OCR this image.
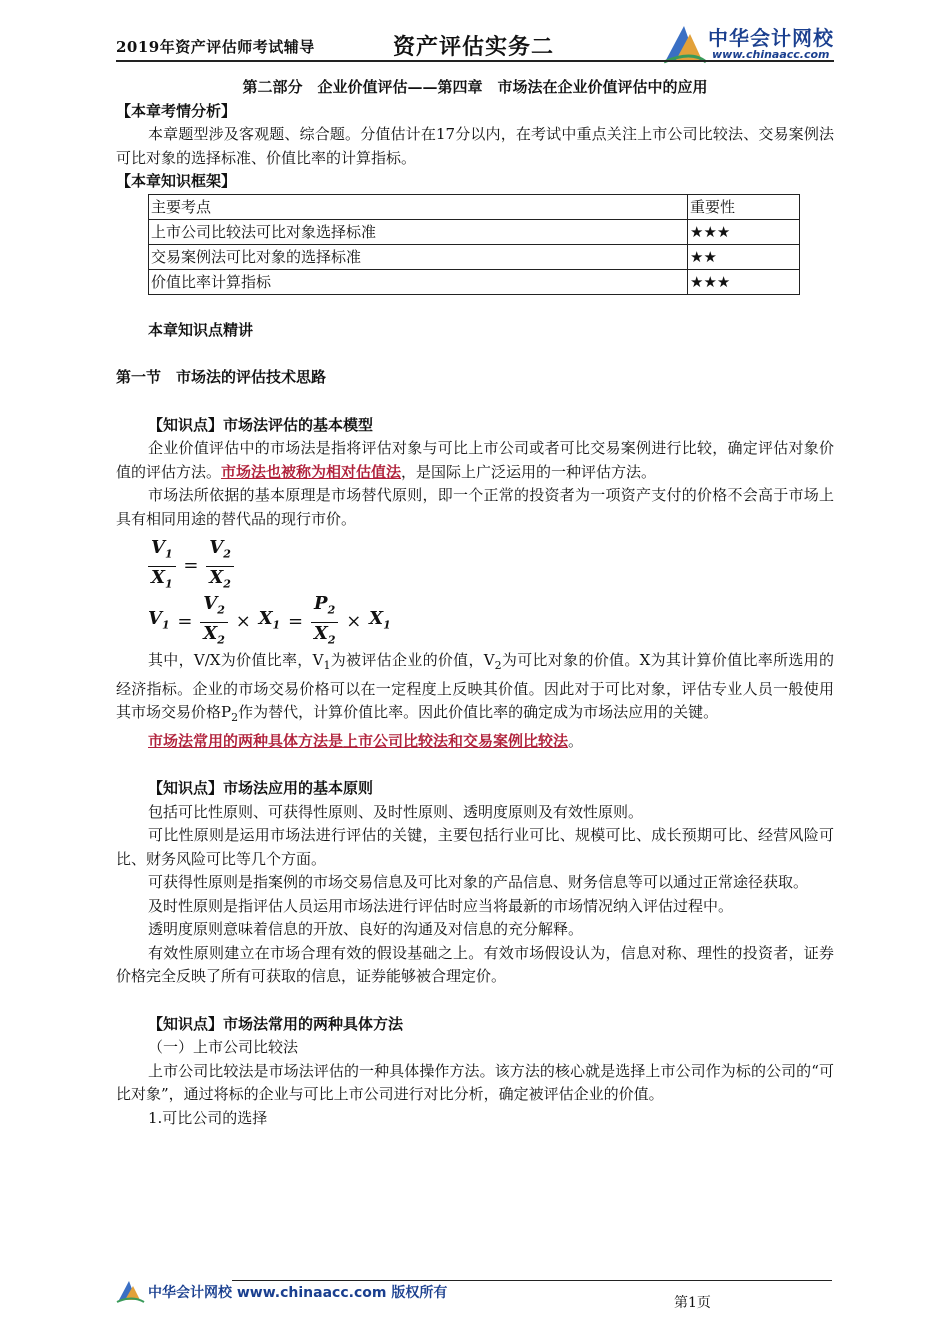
2019年资产评估师考试辅导	资产评估实务二	中华会计网校
www.chinaacc.com

第二部分　企业价值评估——第四章　市场法在企业价值评估中的应用

【本章考情分析】

本章题型涉及客观题、综合题。分值估计在17分以内，在考试中重点关注上市公司比较法、交易案例法可比对象的选择标准、价值比率的计算指标。

【本章知识框架】

主要考点	重要性
上市公司比较法可比对象选择标准	★★★
交易案例法可比对象的选择标准	★★
价值比率计算指标	★★★

本章知识点精讲

第一节　市场法的评估技术思路

【知识点】市场法评估的基本模型

企业价值评估中的市场法是指将评估对象与可比上市公司或者可比交易案例进行比较，确定评估对象价值的评估方法。市场法也被称为相对估值法，是国际上广泛运用的一种评估方法。

市场法所依据的基本原理是市场替代原则，即一个正常的投资者为一项资产支付的价格不会高于市场上具有相同用途的替代品的现行市价。

$\frac{V_1}{X_1} = \frac{V_2}{X_2}$
$V_1 = \frac{V_2}{X_2} \times X_1 = \frac{P_2}{X_2} \times X_1$

其中，V/X为价值比率，$V_1$为被评估企业的价值，$V_2$为可比对象的价值。X为其计算价值比率所选用的经济指标。企业的市场交易价格可以在一定程度上反映其价值。因此对于可比对象，评估专业人员一般使用其市场交易价格$P_2$作为替代，计算价值比率。因此价值比率的确定成为市场法应用的关键。

市场法常用的两种具体方法是上市公司比较法和交易案例比较法。

【知识点】市场法应用的基本原则

包括可比性原则、可获得性原则、及时性原则、透明度原则及有效性原则。

可比性原则是运用市场法进行评估的关键，主要包括行业可比、规模可比、成长预期可比、经营风险可比、财务风险可比等几个方面。

可获得性原则是指案例的市场交易信息及可比对象的产品信息、财务信息等可以通过正常途径获取。

及时性原则是指评估人员运用市场法进行评估时应当将最新的市场情况纳入评估过程中。

透明度原则意味着信息的开放、良好的沟通及对信息的充分解释。

有效性原则建立在市场合理有效的假设基础之上。有效市场假设认为，信息对称、理性的投资者，证券价格完全反映了所有可获取的信息，证券能够被合理定价。

【知识点】市场法常用的两种具体方法

（一）上市公司比较法

上市公司比较法是市场法评估的一种具体操作方法。该方法的核心就是选择上市公司作为标的公司的“可比对象”，通过将标的企业与可比上市公司进行对比分析，确定被评估企业的价值。

1.可比公司的选择

中华会计网校 www.chinaacc.com 版权所有
第1页
